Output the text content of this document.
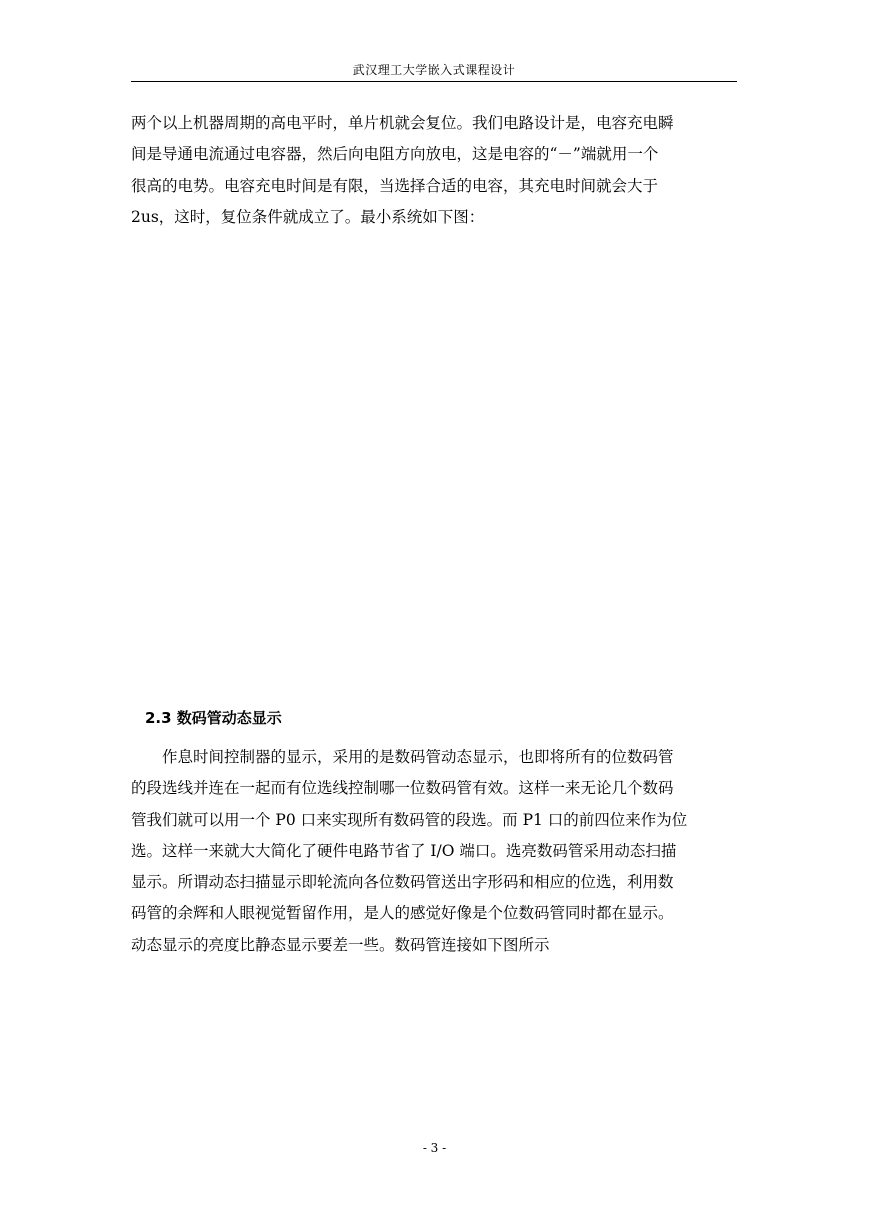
武汉理工大学嵌入式课程设计

两个以上机器周期的高电平时，单片机就会复位。我们电路设计是，电容充电瞬
间是导通电流通过电容器，然后向电阻方向放电，这是电容的“－”端就用一个
很高的电势。电容充电时间是有限，当选择合适的电容，其充电时间就会大于
2us，这时，复位条件就成立了。最小系统如下图：

2.3 数码管动态显示

作息时间控制器的显示，采用的是数码管动态显示，也即将所有的位数码管
的段选线并连在一起而有位选线控制哪一位数码管有效。这样一来无论几个数码
管我们就可以用一个 P0 口来实现所有数码管的段选。而 P1 口的前四位来作为位
选。这样一来就大大简化了硬件电路节省了 I/O 端口。选亮数码管采用动态扫描
显示。所谓动态扫描显示即轮流向各位数码管送出字形码和相应的位选，利用数
码管的余辉和人眼视觉暂留作用，是人的感觉好像是个位数码管同时都在显示。
动态显示的亮度比静态显示要差一些。数码管连接如下图所示

- 3 -
